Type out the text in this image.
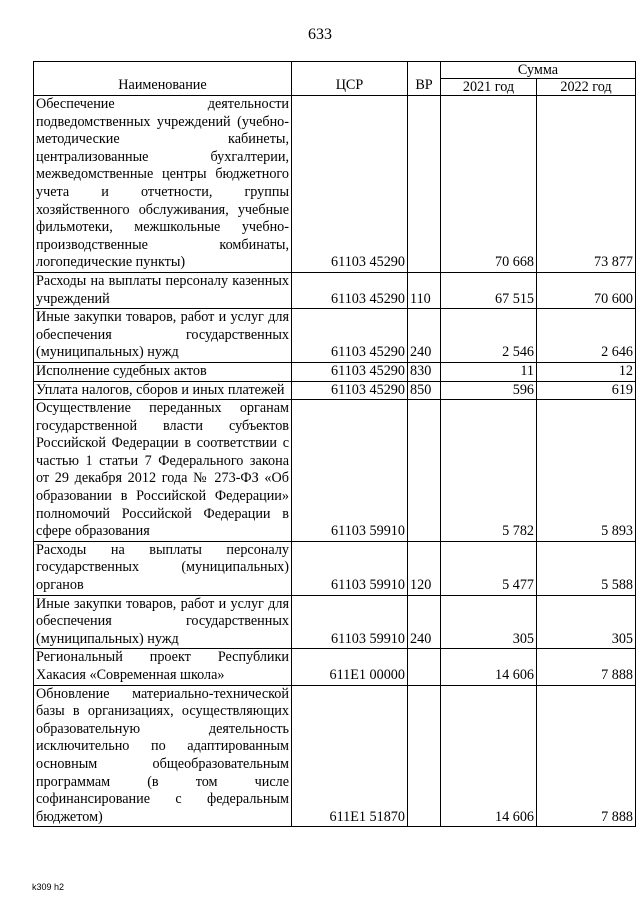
633
Наименование	ЦСР	ВР	Сумма	
			2021 год	2022 год
Обеспечение деятельности подведомственных учреждений (учебно-методические кабинеты, централизованные бухгалтерии, межведомственные центры бюджетного учета и отчетности, группы хозяйственного обслуживания, учебные фильмотеки, межшкольные учебно-производственные комбинаты, логопедические пункты)	61103 45290		70 668	73 877
Расходы на выплаты персоналу казенных учреждений	61103 45290	110	67 515	70 600
Иные закупки товаров, работ и услуг для обеспечения государственных (муниципальных) нужд	61103 45290	240	2 546	2 646
Исполнение судебных актов	61103 45290	830	11	12
Уплата налогов, сборов и иных платежей	61103 45290	850	596	619
Осуществление переданных органам государственной власти субъектов Российской Федерации в соответствии с частью 1 статьи 7 Федерального закона от 29 декабря 2012 года № 273-ФЗ «Об образовании в Российской Федерации» полномочий Российской Федерации в сфере образования	61103 59910		5 782	5 893
Расходы на выплаты персоналу государственных (муниципальных) органов	61103 59910	120	5 477	5 588
Иные закупки товаров, работ и услуг для обеспечения государственных (муниципальных) нужд	61103 59910	240	305	305
Региональный проект Республики Хакасия «Современная школа»	611E1 00000		14 606	7 888
Обновление материально-технической базы в организациях, осуществляющих образовательную деятельность исключительно по адаптированным основным общеобразовательным программам (в том числе софинансирование с федеральным бюджетом)	611E1 51870		14 606	7 888
k309 h2
